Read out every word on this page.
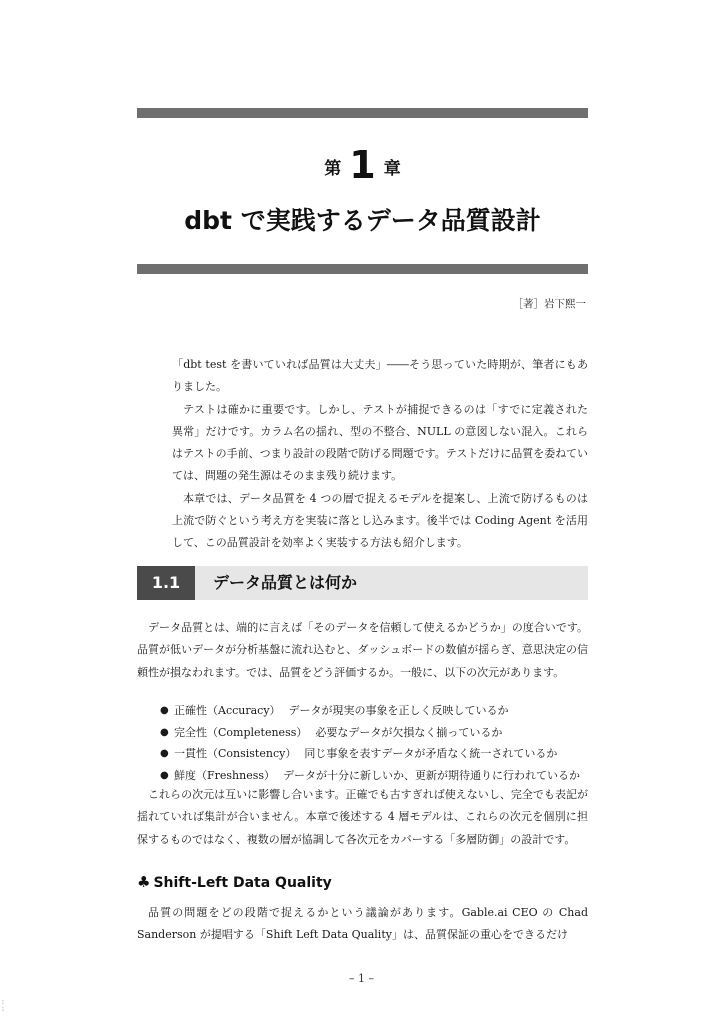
第 1 章
dbt で実践するデータ品質設計
［著］岩下熙一

「dbt test を書いていれば品質は大丈夫」――そう思っていた時期が、筆者にもありました。

テストは確かに重要です。しかし、テストが捕捉できるのは「すでに定義された異常」だけです。カラム名の揺れ、型の不整合、NULL の意図しない混入。これらはテストの手前、つまり設計の段階で防げる問題です。テストだけに品質を委ねていては、問題の発生源はそのまま残り続けます。

本章では、データ品質を 4 つの層で捉えるモデルを提案し、上流で防げるものは上流で防ぐという考え方を実装に落とし込みます。後半では Coding Agent を活用して、この品質設計を効率よく実装する方法も紹介します。

1.1	データ品質とは何か

データ品質とは、端的に言えば「そのデータを信頼して使えるかどうか」の度合いです。品質が低いデータが分析基盤に流れ込むと、ダッシュボードの数値が揺らぎ、意思決定の信頼性が損なわれます。では、品質をどう評価するか。一般に、以下の次元があります。

● 正確性（Accuracy） データが現実の事象を正しく反映しているか
● 完全性（Completeness） 必要なデータが欠損なく揃っているか
● 一貫性（Consistency） 同じ事象を表すデータが矛盾なく統一されているか
● 鮮度（Freshness） データが十分に新しいか、更新が期待通りに行われているか

これらの次元は互いに影響し合います。正確でも古すぎれば使えないし、完全でも表記が揺れていれば集計が合いません。本章で後述する 4 層モデルは、これらの次元を個別に担保するものではなく、複数の層が協調して各次元をカバーする「多層防御」の設計です。

♣ Shift-Left Data Quality

品質の問題をどの段階で捉えるかという議論があります。Gable.ai CEO の Chad Sanderson が提唱する「Shift Left Data Quality」は、品質保証の重心をできるだけ

– 1 –
⁝
⁝
